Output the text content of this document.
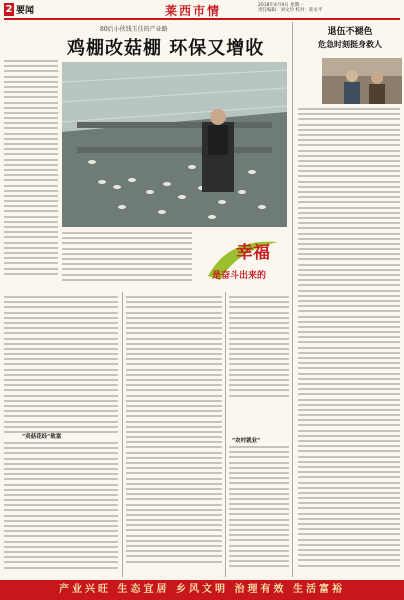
2 要闻	莱西市情	2018年4月9日 星期一
责任编辑：刘文玲 校对：崔永平
80后小伙钱玉佳的产业路
鸡棚改菇棚 环保又增收
退伍不褪色
危急时刻挺身救人
幸福
是奋斗出来的
“卖菇花经”致富
“农村就业”
产业兴旺 生态宜居 乡风文明 治理有效 生活富裕
